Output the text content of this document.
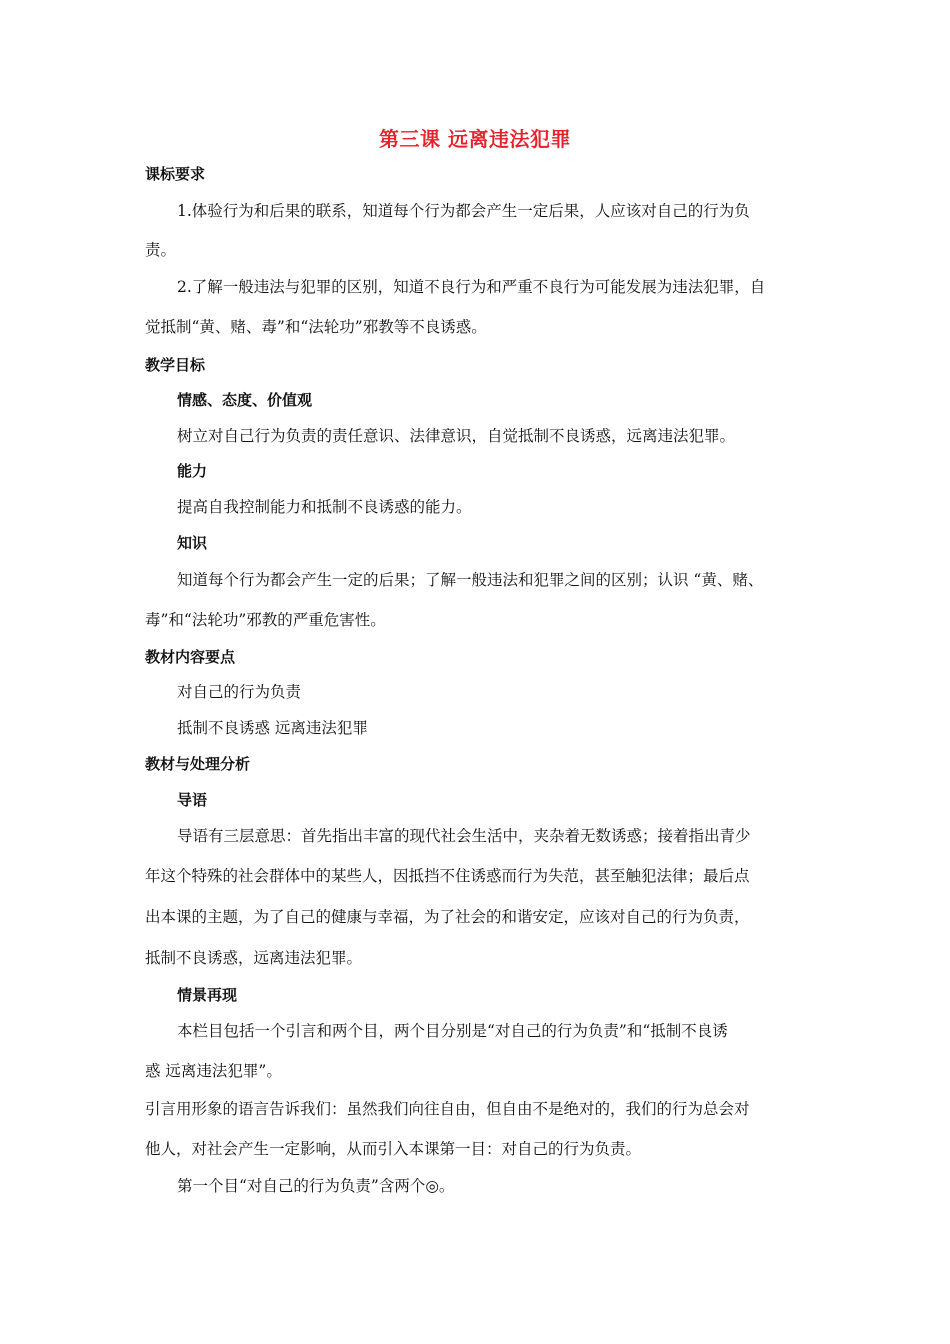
第三课 远离违法犯罪
课标要求
1.体验行为和后果的联系，知道每个行为都会产生一定后果，人应该对自己的行为负
责。
2.了解一般违法与犯罪的区别，知道不良行为和严重不良行为可能发展为违法犯罪，自
觉抵制“黄、赌、毒”和“法轮功”邪教等不良诱惑。
教学目标
情感、态度、价值观
树立对自己行为负责的责任意识、法律意识，自觉抵制不良诱惑，远离违法犯罪。
能力
提高自我控制能力和抵制不良诱惑的能力。
知识
知道每个行为都会产生一定的后果；了解一般违法和犯罪之间的区别；认识 “黄、赌、
毒”和“法轮功”邪教的严重危害性。
教材内容要点
对自己的行为负责
抵制不良诱惑 远离违法犯罪
教材与处理分析
导语
导语有三层意思：首先指出丰富的现代社会生活中，夹杂着无数诱惑；接着指出青少
年这个特殊的社会群体中的某些人，因抵挡不住诱惑而行为失范，甚至触犯法律；最后点
出本课的主题，为了自己的健康与幸福，为了社会的和谐安定，应该对自己的行为负责，
抵制不良诱惑，远离违法犯罪。
情景再现
本栏目包括一个引言和两个目，两个目分别是“对自己的行为负责”和“抵制不良诱
惑 远离违法犯罪”。
引言用形象的语言告诉我们：虽然我们向往自由，但自由不是绝对的，我们的行为总会对
他人，对社会产生一定影响，从而引入本课第一目：对自己的行为负责。
第一个目“对自己的行为负责”含两个◎。
